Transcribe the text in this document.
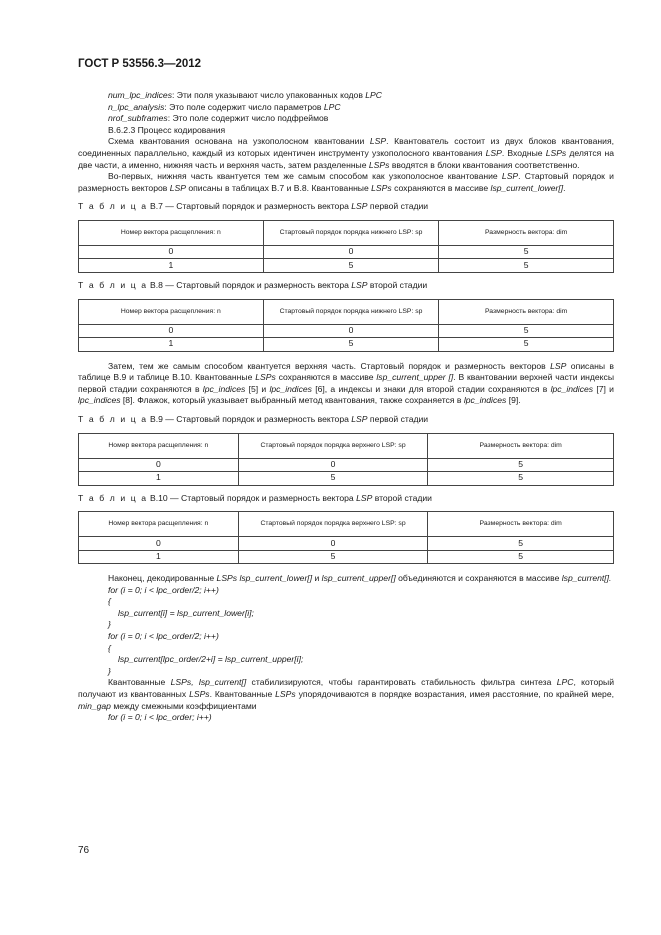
ГОСТ Р 53556.3—2012

num_lpc_indices: Эти поля указывают число упакованных кодов LPC

n_lpc_analysis: Это поле содержит число параметров LPC

nrof_subframes: Это поле содержит число подфреймов

В.6.2.3 Процесс кодирования

Схема квантования основана на узкополосном квантовании LSP. Квантователь состоит из двух блоков квантования, соединенных параллельно, каждый из которых идентичен инструменту узкополосного квантования LSP. Входные LSPs делятся на две части, а именно, нижняя часть и верхняя часть, затем разделенные LSPs вводятся в блоки квантования соответственно.

Во-первых, нижняя часть квантуется тем же самым способом как узкополосное квантование LSP. Стартовый порядок и размерность векторов LSP описаны в таблицах В.7 и В.8. Квантованные LSPs сохраняются в массиве lsp_current_lower[].

Т а б л и ц а В.7 — Стартовый порядок и размерность вектора LSP первой стадии

Номер вектора расщепления: n	Стартовый порядок порядка нижнего LSP: sp	Размерность вектора: dim
0	0	5
1	5	5

Т а б л и ц а В.8 — Стартовый порядок и размерность вектора LSP второй стадии

Номер вектора расщепления: n	Стартовый порядок порядка нижнего LSP: sp	Размерность вектора: dim
0	0	5
1	5	5

Затем, тем же самым способом квантуется верхняя часть. Стартовый порядок и размерность векторов LSP описаны в таблице В.9 и таблице В.10. Квантованные LSPs сохраняются в массиве lsp_current_upper []. В квантовании верхней части индексы первой стадии сохраняются в lpc_indices [5] и lpc_indices [6], а индексы и знаки для второй стадии сохраняются в lpc_indices [7] и lpc_indices [8]. Флажок, который указывает выбранный метод квантования, также сохраняется в lpc_indices [9].

Т а б л и ц а В.9 — Стартовый порядок и размерность вектора LSP первой стадии

Номер вектора расщепления: n	Стартовый порядок порядка верхнего LSP: sp	Размерность вектора: dim
0	0	5
1	5	5

Т а б л и ц а В.10 — Стартовый порядок и размерность вектора LSP второй стадии

Номер вектора расщепления: n	Стартовый порядок порядка верхнего LSP: sp	Размерность вектора: dim
0	0	5
1	5	5

Наконец, декодированные LSPs lsp_current_lower[] и lsp_current_upper[] объединяются и сохраняются в массиве lsp_current[].

for (i = 0; i < lpc_order/2; i++)

{

lsp_current[i] = lsp_current_lower[i];

}

for (i = 0; i < lpc_order/2; i++)

{

lsp_current[lpc_order/2+i] = lsp_current_upper[i];

}

Квантованные LSPs, lsp_current[] стабилизируются, чтобы гарантировать стабильность фильтра синтеза LPC, который получают из квантованных LSPs. Квантованные LSPs упорядочиваются в порядке возрастания, имея расстояние, по крайней мере, min_gap между смежными коэффициентами

for (i = 0; i < lpc_order; i++)

76
